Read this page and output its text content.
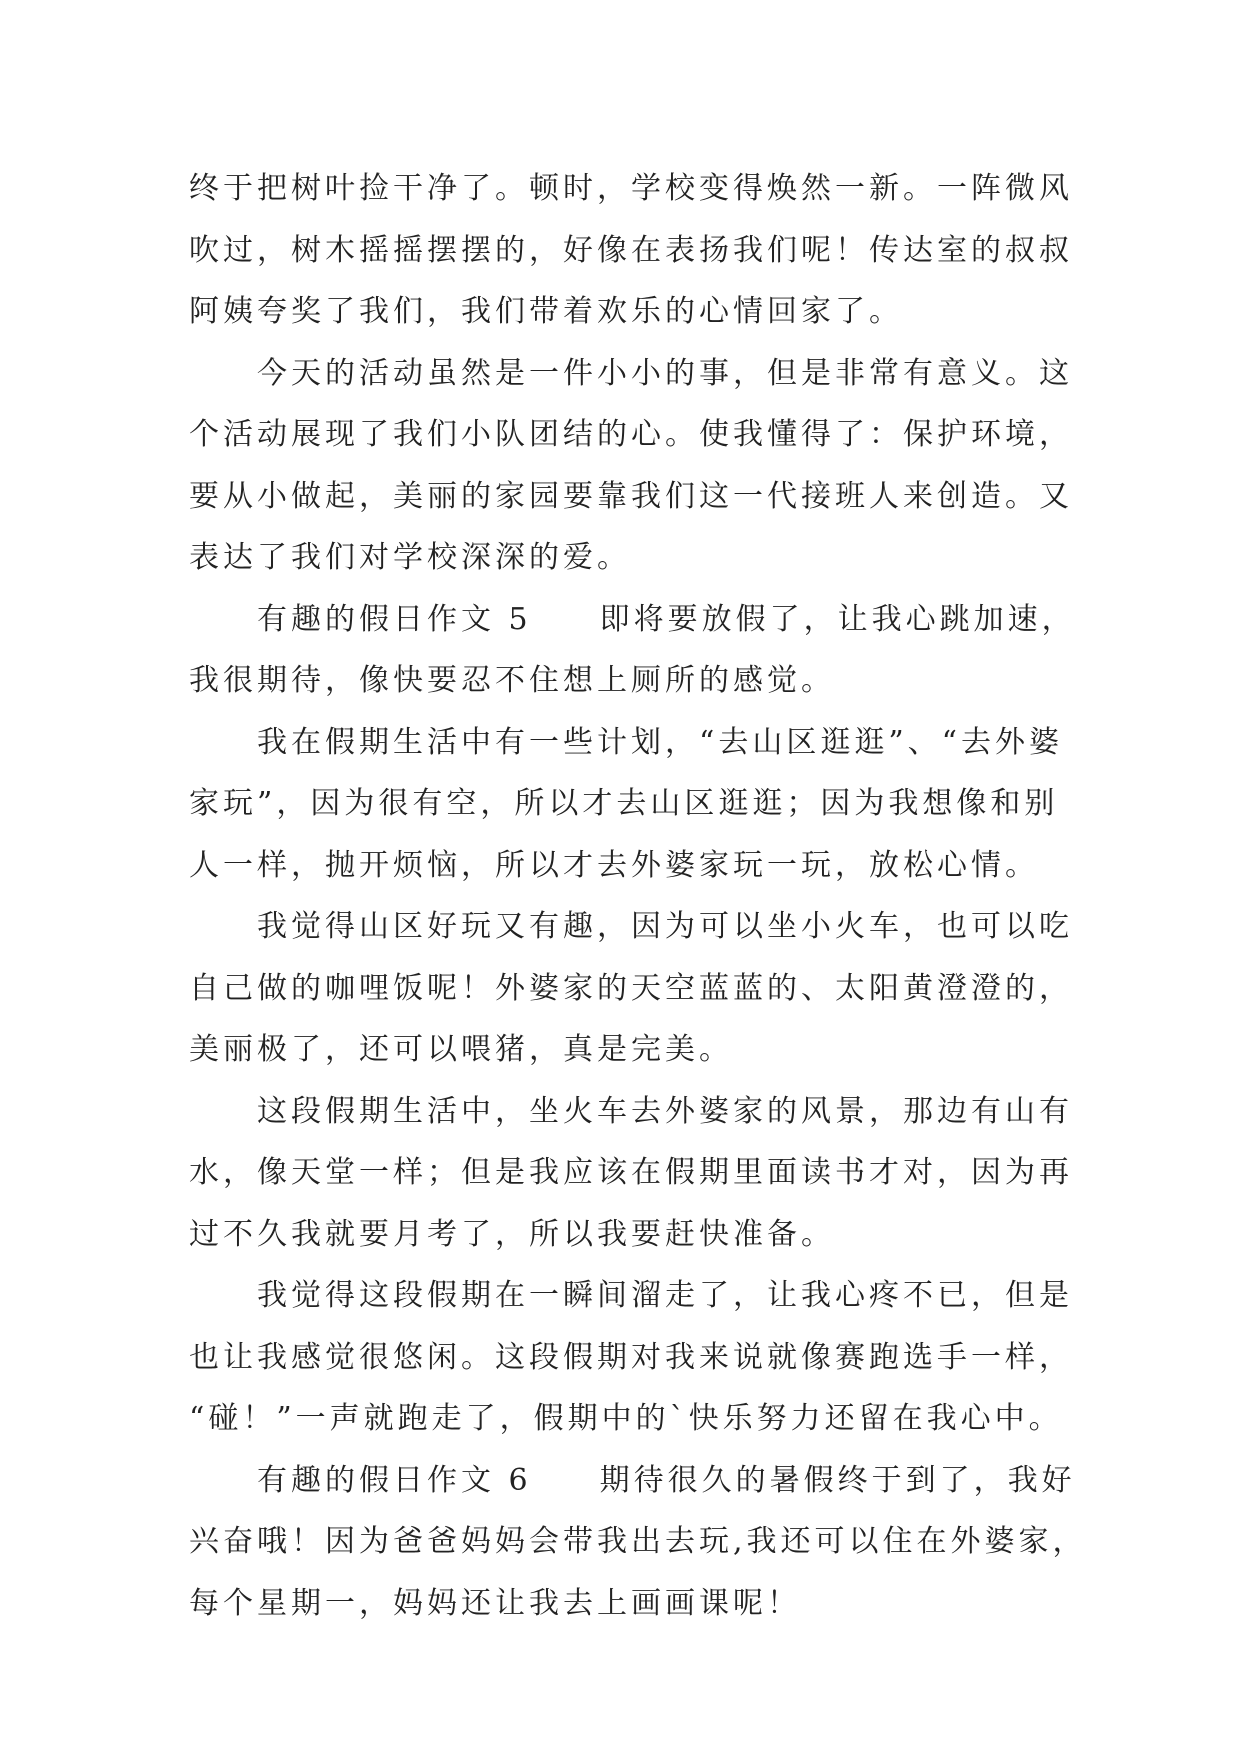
终于把树叶捡干净了。顿时，学校变得焕然一新。一阵微风
吹过，树木摇摇摆摆的，好像在表扬我们呢！传达室的叔叔
阿姨夸奖了我们，我们带着欢乐的心情回家了。
今天的活动虽然是一件小小的事，但是非常有意义。这
个活动展现了我们小队团结的心。使我懂得了：保护环境，
要从小做起，美丽的家园要靠我们这一代接班人来创造。又
表达了我们对学校深深的爱。
有趣的假日作文 5　　即将要放假了，让我心跳加速，
我很期待，像快要忍不住想上厕所的感觉。
我在假期生活中有一些计划，“去山区逛逛”、“去外婆
家玩”，因为很有空，所以才去山区逛逛；因为我想像和别
人一样，抛开烦恼，所以才去外婆家玩一玩，放松心情。
我觉得山区好玩又有趣，因为可以坐小火车，也可以吃
自己做的咖哩饭呢！外婆家的天空蓝蓝的、太阳黄澄澄的，
美丽极了，还可以喂猪，真是完美。
这段假期生活中，坐火车去外婆家的风景，那边有山有
水，像天堂一样；但是我应该在假期里面读书才对，因为再
过不久我就要月考了，所以我要赶快准备。
我觉得这段假期在一瞬间溜走了，让我心疼不已，但是
也让我感觉很悠闲。这段假期对我来说就像赛跑选手一样，
“碰！”一声就跑走了，假期中的`快乐努力还留在我心中。
有趣的假日作文 6　　期待很久的暑假终于到了，我好
兴奋哦！因为爸爸妈妈会带我出去玩,我还可以住在外婆家，
每个星期一，妈妈还让我去上画画课呢！
